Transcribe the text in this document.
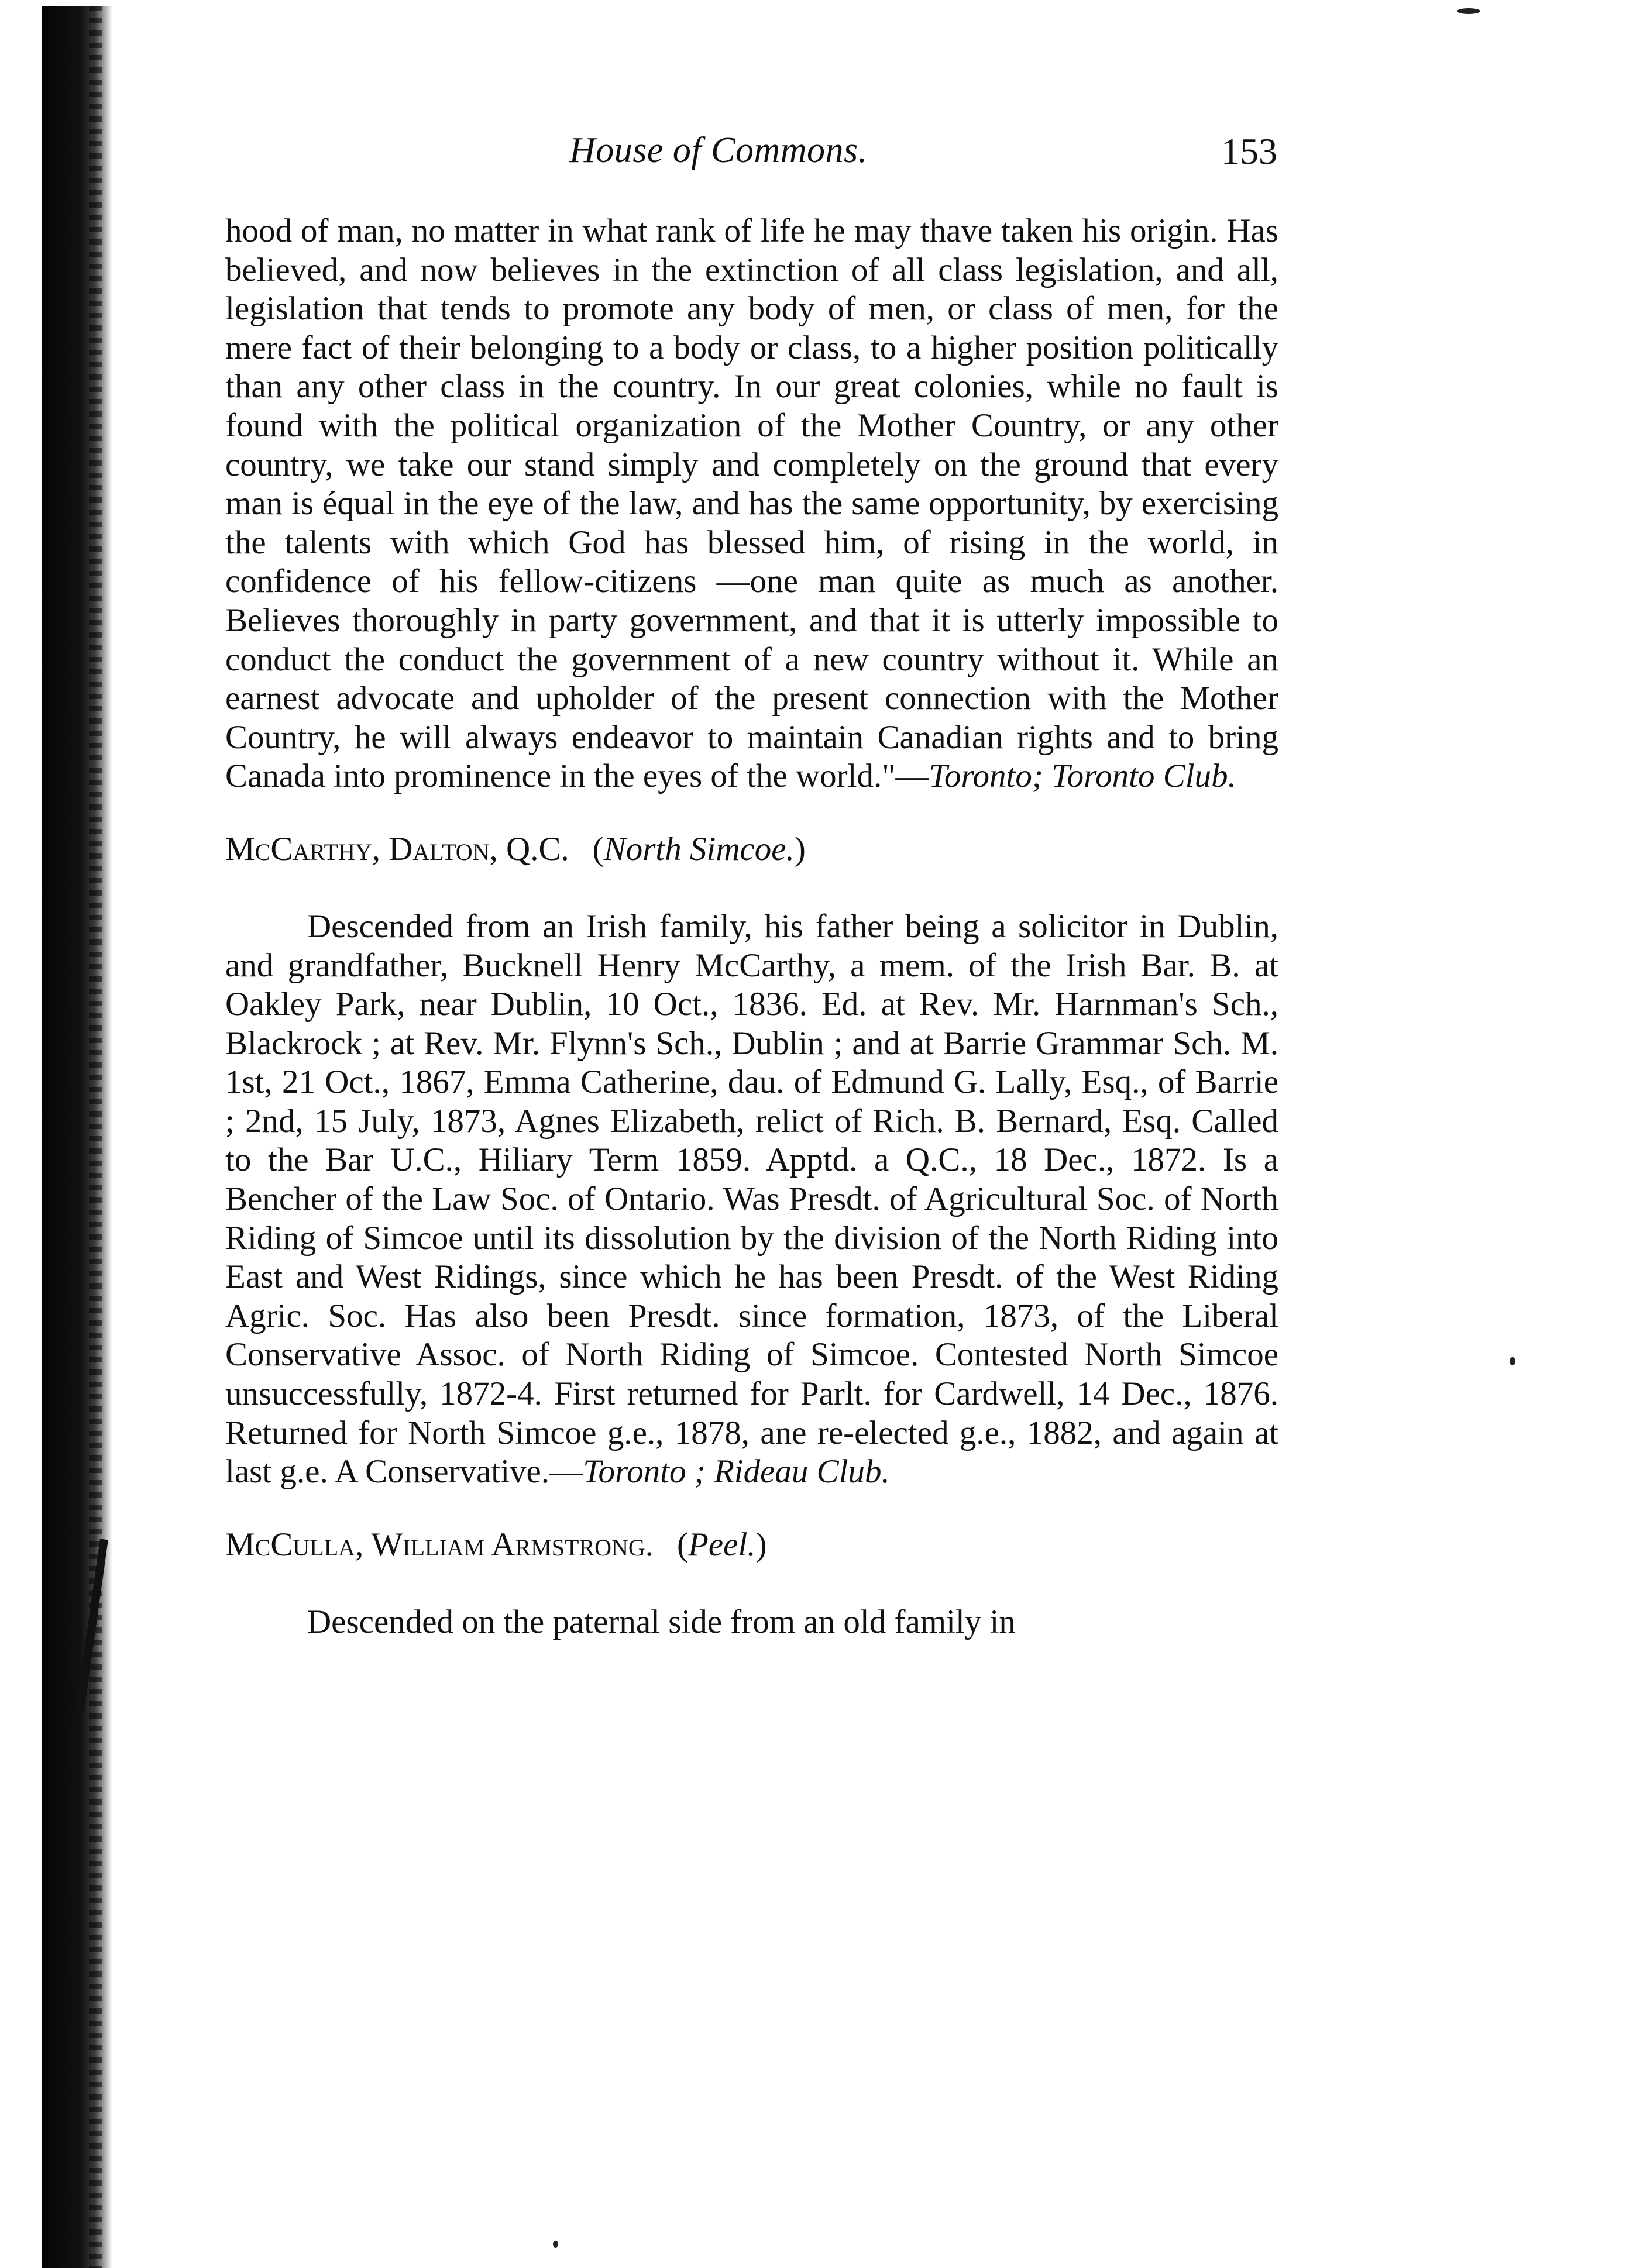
House of Commons.	153

hood of man, no matter in what rank of life he may thave taken his origin. Has believed, and now believes in the extinction of all class legislation, and all, legislation that tends to promote any body of men, or class of men, for the mere fact of their belonging to a body or class, to a higher position politically than any other class in the country. In our great colonies, while no fault is found with the political organization of the Mother Country, or any other country, we take our stand simply and completely on the ground that every man is équal in the eye of the law, and has the same opportunity, by exercising the talents with which God has blessed him, of rising in the world, in confidence of his fellow-citizens —one man quite as much as another. Believes thoroughly in party government, and that it is utterly impossible to conduct the conduct the government of a new country without it. While an earnest advocate and upholder of the present connection with the Mother Country, he will always endeavor to maintain Canadian rights and to bring Canada into prominence in the eyes of the world."—Toronto; Toronto Club.

McCarthy, Dalton, Q.C. (North Simcoe.)

Descended from an Irish family, his father being a solicitor in Dublin, and grandfather, Bucknell Henry McCarthy, a mem. of the Irish Bar. B. at Oakley Park, near Dublin, 10 Oct., 1836. Ed. at Rev. Mr. Harnman's Sch., Blackrock ; at Rev. Mr. Flynn's Sch., Dublin ; and at Barrie Grammar Sch. M. 1st, 21 Oct., 1867, Emma Catherine, dau. of Edmund G. Lally, Esq., of Barrie ; 2nd, 15 July, 1873, Agnes Elizabeth, relict of Rich. B. Bernard, Esq. Called to the Bar U.C., Hiliary Term 1859. Apptd. a Q.C., 18 Dec., 1872. Is a Bencher of the Law Soc. of Ontario. Was Presdt. of Agricultural Soc. of North Riding of Simcoe until its dissolution by the division of the North Riding into East and West Ridings, since which he has been Presdt. of the West Riding Agric. Soc. Has also been Presdt. since formation, 1873, of the Liberal Conservative Assoc. of North Riding of Simcoe. Contested North Simcoe unsuccessfully, 1872-4. First returned for Parlt. for Cardwell, 14 Dec., 1876. Returned for North Simcoe g.e., 1878, ane re-elected g.e., 1882, and again at last g.e. A Conservative.—Toronto ; Rideau Club.

McCulla, William Armstrong. (Peel.)

Descended on the paternal side from an old family in
